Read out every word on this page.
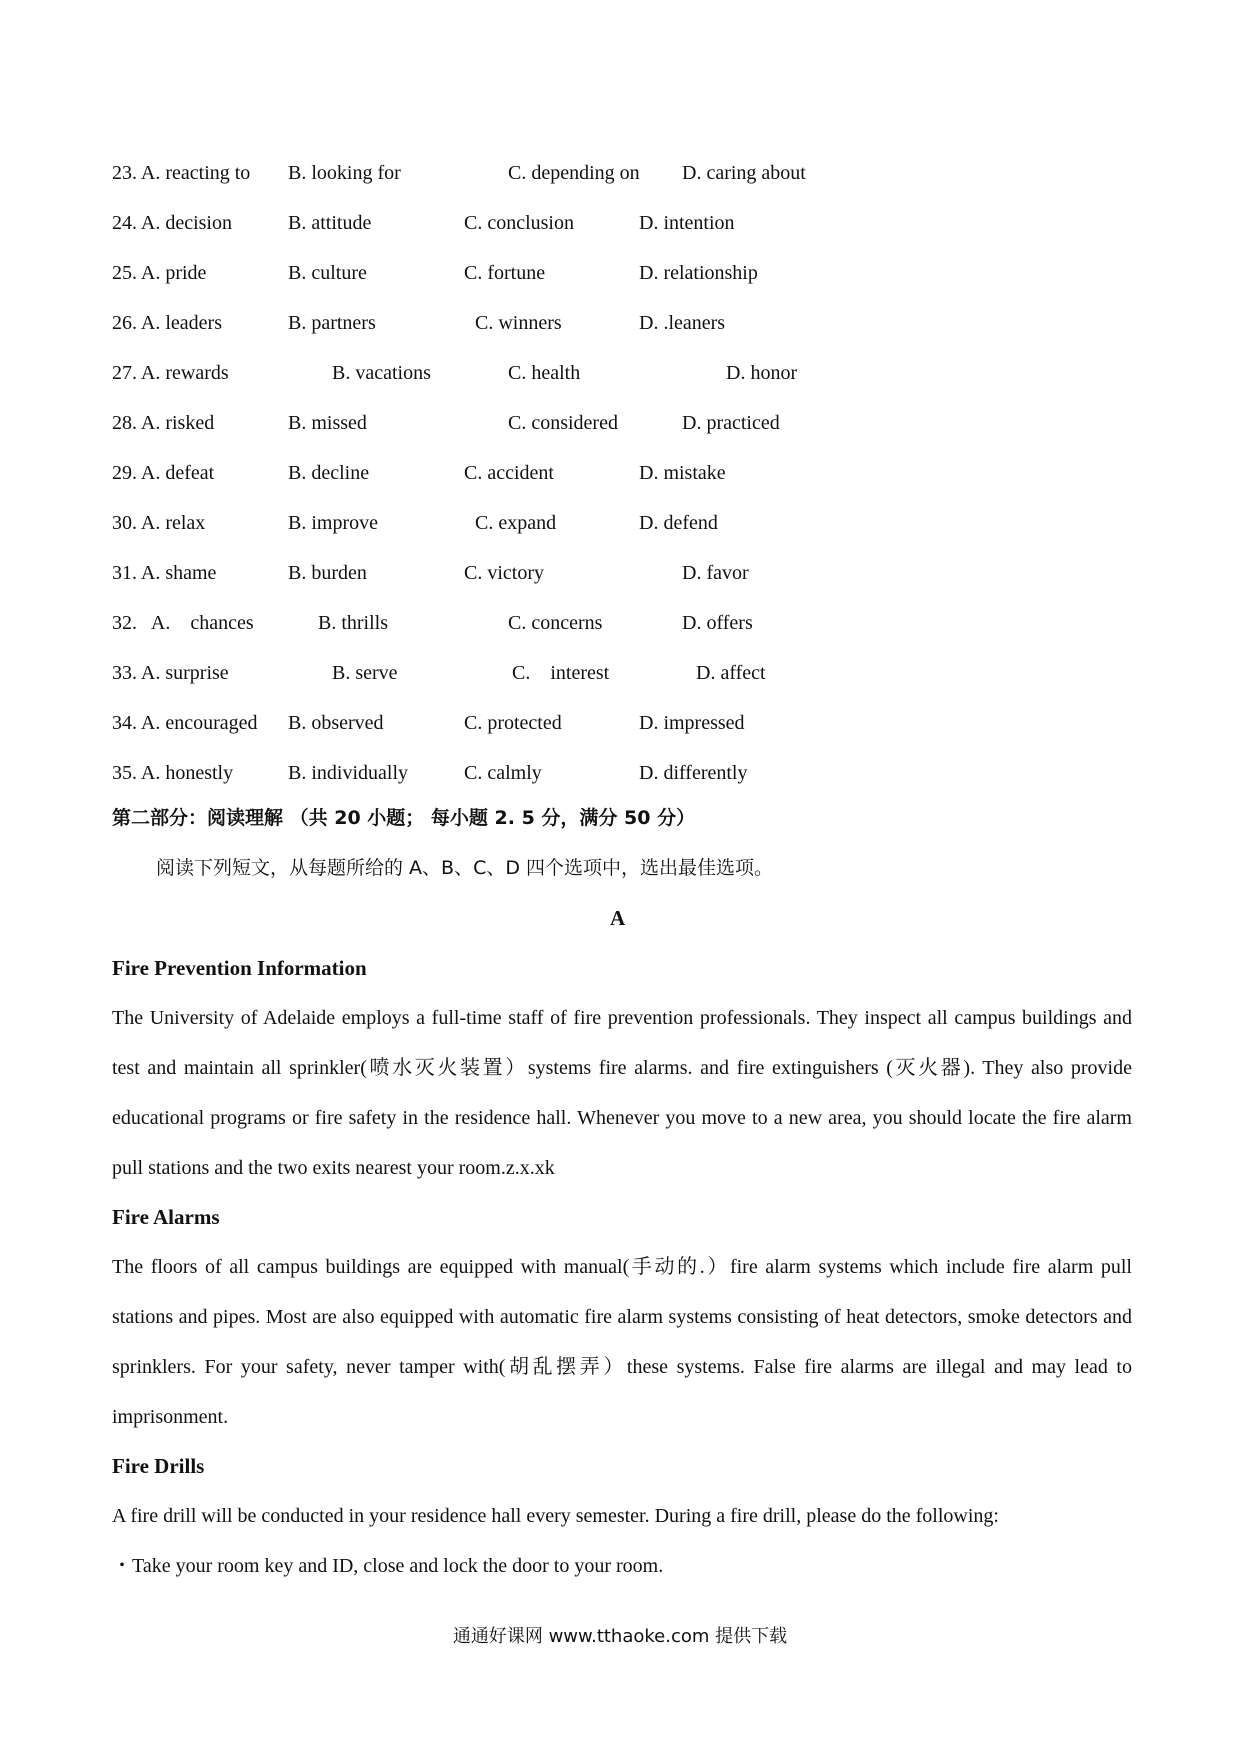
23. A. reacting to B. looking for	C. depending on D. caring about
24. A. decision	B. attitude	C. conclusion	D. intention
25. A. pride	B. culture	C. fortune	D. relationship
26. A. leaders	B. partners	C. winners	D. .leaners
27. A. rewards	B. vacations	C. health	D. honor
28. A. risked	B. missed	C. considered	D. practiced
29. A. defeat	B. decline	C. accident	D. mistake
30. A. relax	B. improve	C. expand	D. defend
31. A. shame	B. burden	C. victory	D. favor
32.   A.    chances	B. thrills	C. concerns	D. offers
33. A. surprise	B. serve	C.    interest	D. affect
34. A. encouraged B. observed	C. protected	D. impressed
35. A. honestly	B. individually	C. calmly	D. differently
第二部分：阅读理解 （共 20 小题； 每小题 2. 5 分，满分 50 分）
阅读下列短文，从每题所给的 A、B、C、D 四个选项中，选出最佳选项。
A
Fire Prevention Information
The University of Adelaide employs a full-time staff of fire prevention professionals. They inspect all campus buildings and test and maintain all sprinkler(喷水灭火装置）systems fire alarms. and fire extinguishers (灭火器). They also provide educational programs or fire safety in the residence hall. Whenever you move to a new area, you should locate the fire alarm pull stations and the two exits nearest your room.z.x.xk
Fire Alarms
The floors of all campus buildings are equipped with manual(手动的.）fire alarm systems which include fire alarm pull stations and pipes. Most are also equipped with automatic fire alarm systems consisting of heat detectors, smoke detectors and sprinklers. For your safety, never tamper with(胡乱摆弄）these systems. False fire alarms are illegal and may lead to imprisonment.
Fire Drills
A fire drill will be conducted in your residence hall every semester. During a fire drill, please do the following:
・Take your room key and ID, close and lock the door to your room.
通通好课网 www.tthaoke.com 提供下载
